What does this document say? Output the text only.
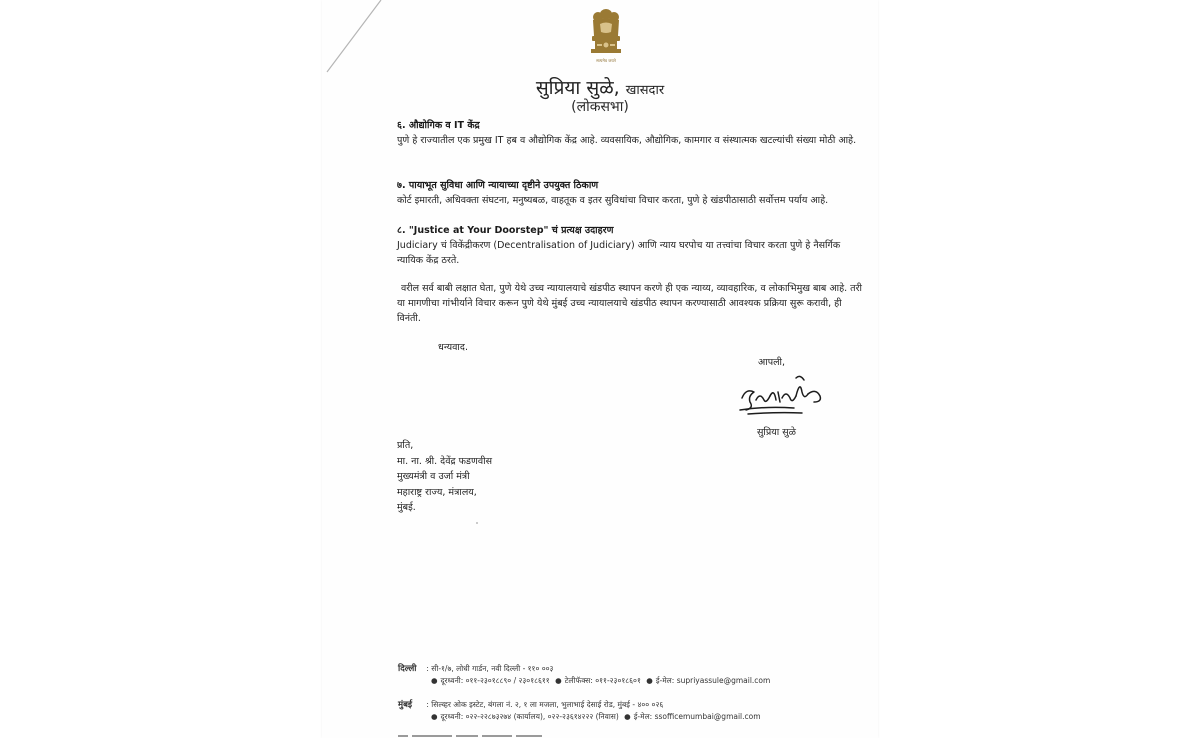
सत्यमेव जयते
सुप्रिया सुळे, खासदार
(लोकसभा)
६. औद्योगिक व IT केंद्र
पुणे हे राज्यातील एक प्रमुख IT हब व औद्योगिक केंद्र आहे. व्यवसायिक, औद्योगिक, कामगार व संस्थात्मक खटल्यांची संख्या मोठी आहे.
७. पायाभूत सुविधा आणि न्यायाच्या दृष्टीने उपयुक्त ठिकाण
कोर्ट इमारती, अधिवक्ता संघटना, मनुष्यबळ, वाहतूक व इतर सुविधांचा विचार करता, पुणे हे खंडपीठासाठी सर्वोत्तम पर्याय आहे.
८. "Justice at Your Doorstep" चं प्रत्यक्ष उदाहरण
Judiciary चं विकेंद्रीकरण (Decentralisation of Judiciary) आणि न्याय घरपोच या तत्त्वांचा विचार करता पुणे हे नैसर्गिक न्यायिक केंद्र ठरते.
वरील सर्व बाबी लक्षात घेता, पुणे येथे उच्च न्यायालयाचे खंडपीठ स्थापन करणे ही एक न्याय्य, व्यावहारिक, व लोकाभिमुख बाब आहे. तरी या मागणीचा गांभीर्याने विचार करून पुणे येथे मुंबई उच्च न्यायालयाचे खंडपीठ स्थापन करण्यासाठी आवश्यक प्रक्रिया सुरू करावी, ही विनंती.
धन्यवाद.
आपली,
सुप्रिया सुळे
प्रति,
मा. ना. श्री. देवेंद्र फडणवीस
मुख्यमंत्री व उर्जा मंत्री
महाराष्ट्र राज्य, मंत्रालय,
मुंबई.
दिल्ली : सी-१/७, लोधी गार्डन, नवी दिल्ली - ११० ००३
● दूरध्वनी: ०११-२३०१८८९० / २३०१८६११ ● टेलीफॅक्स: ०११-२३०१८६०१ ● ई-मेल: supriyassule@gmail.com
मुंबई : सिल्व्हर ओक इस्टेट, बंगला नं. २, १ ला मजला, भुलाभाई देसाई रोड, मुंबई - ४०० ०२६
● दूरध्वनी: ०२२-२२८७३२७४ (कार्यालय), ०२२-२३६१४२२२ (निवास) ● ई-मेल: ssofficemumbai@gmail.com
